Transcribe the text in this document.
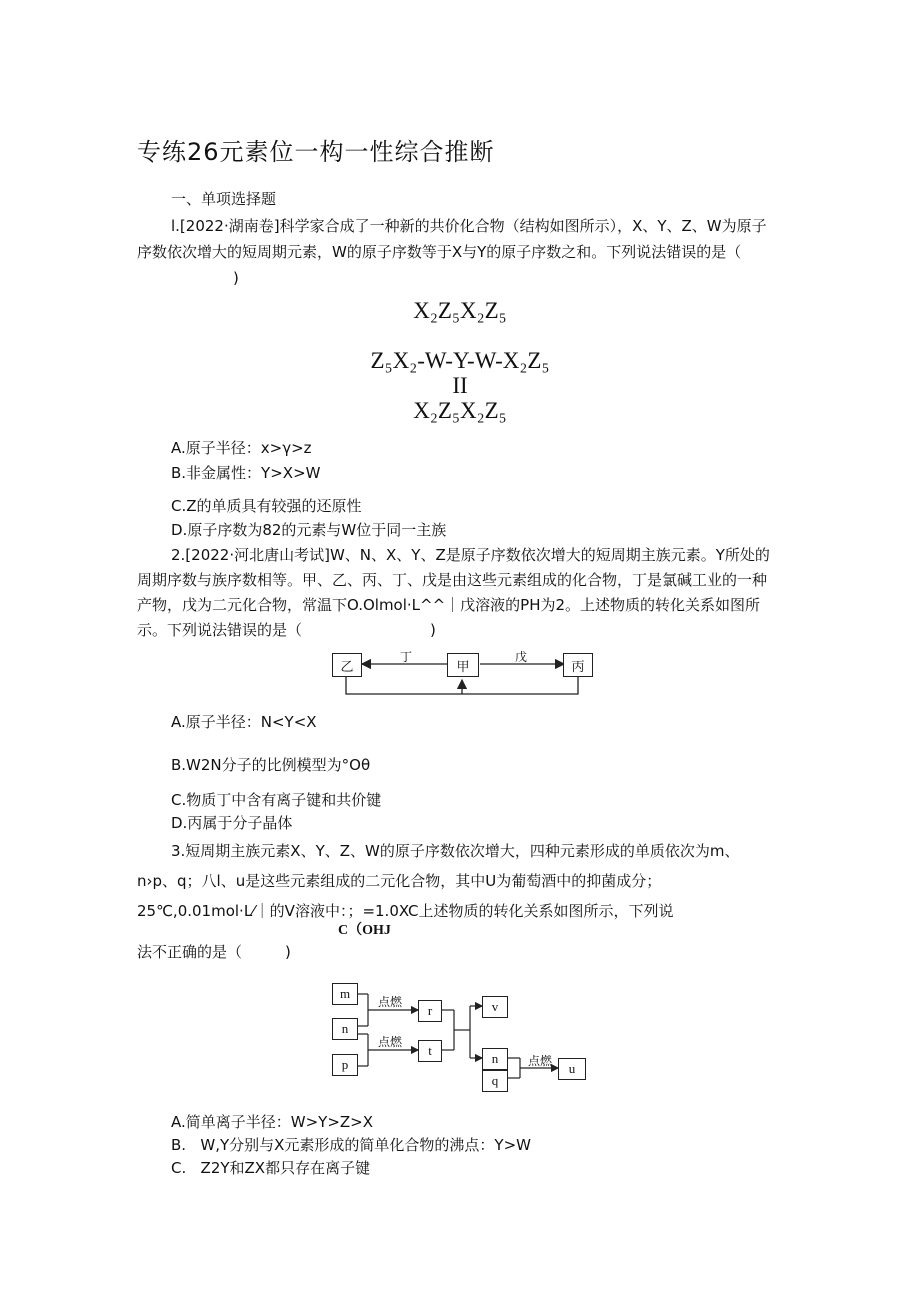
专练26元素位一构一性综合推断
一、单项选择题
l.[2022·湖南卷]科学家合成了一种新的共价化合物（结构如图所示），X、Y、Z、W为原子
序数依次增大的短周期元素，W的原子序数等于X与Y的原子序数之和。下列说法错误的是（
)
X₂Z₅X₂Z₅
Z₅X₂-W-Y-W-X₂Z₅
II
X₂Z₅X₂Z₅
A.原子半径：x>γ>z
B.非金属性：Y>X>W
C.Z的单质具有较强的还原性
D.原子序数为82的元素与W位于同一主族
2.[2022·河北唐山考试]W、N、X、Y、Z是原子序数依次增大的短周期主族元素。Y所处的
周期序数与族序数相等。甲、乙、丙、丁、戊是由这些元素组成的化合物，丁是氯碱工业的一种
产物，戊为二元化合物，常温下O.Olmol·L^^｜戊溶液的PH为2。上述物质的转化关系如图所
示。下列说法错误的是（	)
乙	甲	丙
丁	戊
A.原子半径：N<Y<X
B.W2N分子的比例模型为°Oθ
C.物质丁中含有离子键和共价键
D.丙属于分子晶体
3.短周期主族元素X、Y、Z、W的原子序数依次增大，四种元素形成的单质依次为m、
n›p、q；八l、u是这些元素组成的二元化合物，其中U为葡萄酒中的抑菌成分；
25℃,0.01mol·L⁄｜的V溶液中：；=1.0XC上述物质的转化关系如图所示，下列说
C（OHJ
法不正确的是（	)
m
n
p
r
t
v
n
q
u
点燃
点燃
点燃
A.简单离子半径：W>Y>Z>X
B.   W,Y分别与X元素形成的简单化合物的沸点：Y>W
C.   Z2Y和ZX都只存在离子键
